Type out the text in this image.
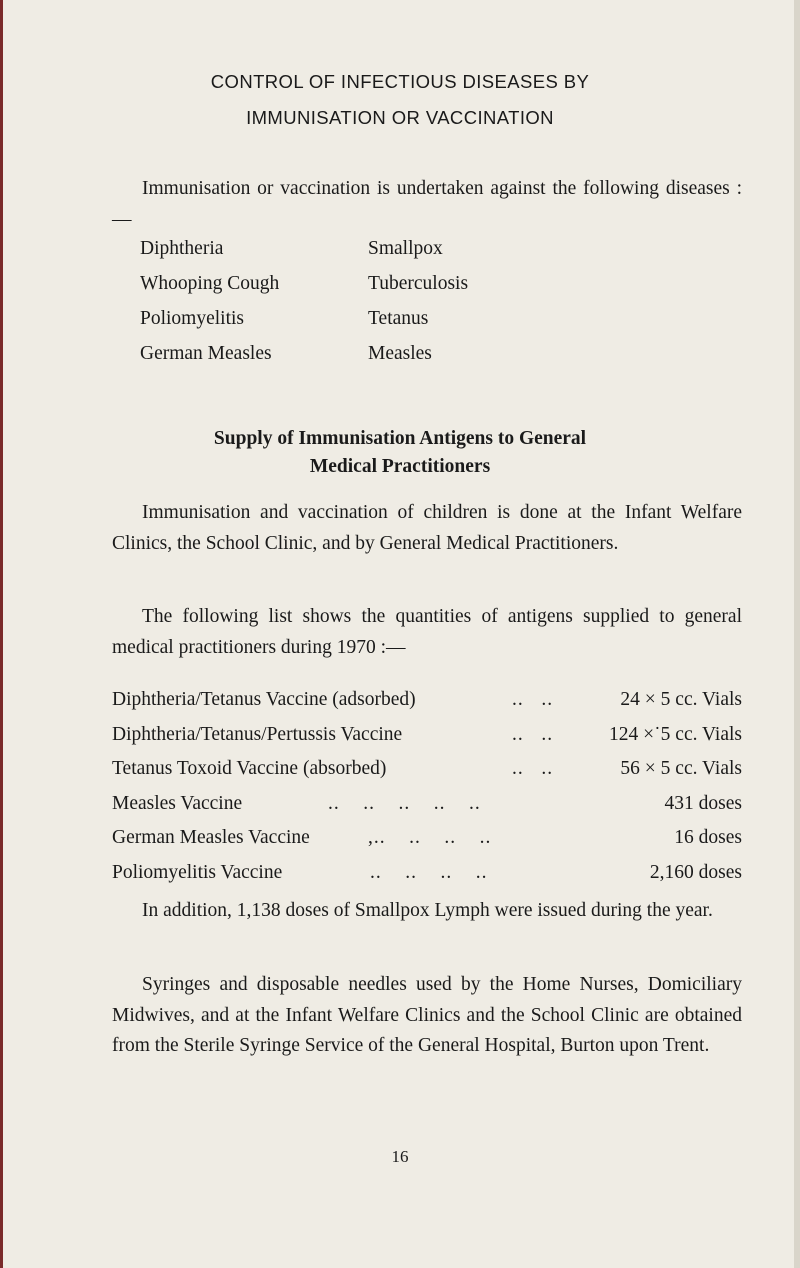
CONTROL OF INFECTIOUS DISEASES BY
IMMUNISATION OR VACCINATION

Immunisation or vaccination is undertaken against the following diseases :—

Diphtheria	Smallpox
Whooping Cough	Tuberculosis
Poliomyelitis	Tetanus
German Measles	Measles
Supply of Immunisation Antigens to General
Medical Practitioners

Immunisation and vaccination of children is done at the Infant Welfare Clinics, the School Clinic, and by General Medical Practitioners.

The following list shows the quantities of antigens supplied to general medical practitioners during 1970 :—

Diphtheria/Tetanus Vaccine (adsorbed)	..   ..	24 × 5 cc. Vials
Diphtheria/Tetanus/Pertussis Vaccine	..   ..	124 ×˙5 cc. Vials
Tetanus Toxoid Vaccine (absorbed)	..   ..	56 × 5 cc. Vials
Measles Vaccine	..    ..    ..    ..    ..	431 doses
German Measles Vaccine	,..    ..    ..    ..	16 doses
Poliomyelitis Vaccine	..    ..    ..    ..	2,160 doses

In addition, 1,138 doses of Smallpox Lymph were issued during the year.

Syringes and disposable needles used by the Home Nurses, Domiciliary Midwives, and at the Infant Welfare Clinics and the School Clinic are obtained from the Sterile Syringe Service of the General Hospital, Burton upon Trent.

16
